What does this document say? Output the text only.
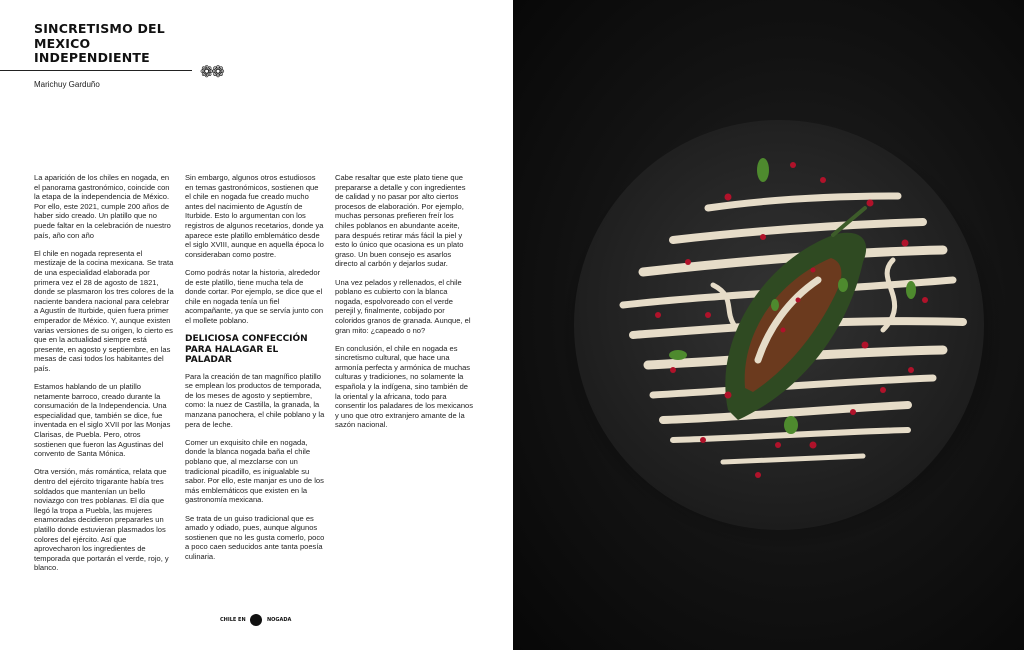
SINCRETISMO DEL MEXICO INDEPENDIENTE
❁❁
Marichuy Garduño

La aparición de los chiles en nogada, en el panorama gastronómico, coincide con la etapa de la independencia de México. Por ello, este 2021, cumple 200 años de haber sido creado. Un platillo que no puede faltar en la celebración de nuestro país, año con año

El chile en nogada representa el mestizaje de la cocina mexicana. Se trata de una especialidad elaborada por primera vez el 28 de agosto de 1821, donde se plasmaron los tres colores de la naciente bandera nacional para celebrar a Agustín de Iturbide, quien fuera primer emperador de México. Y, aunque existen varias versiones de su origen, lo cierto es que en la actualidad siempre está presente, en agosto y septiembre, en las mesas de casi todos los habitantes del país.

Estamos hablando de un platillo netamente barroco, creado durante la consumación de la Independencia. Una especialidad que, también se dice, fue inventada en el siglo XVII por las Monjas Clarisas, de Puebla. Pero, otros sostienen que fueron las Agustinas del convento de Santa Mónica.

Otra versión, más romántica, relata que dentro del ejército trigarante había tres soldados que mantenían un bello noviazgo con tres poblanas. El día que llegó la tropa a Puebla, las mujeres enamoradas decidieron prepararles un platillo donde estuvieran plasmados los colores del ejército. Así que aprovecharon los ingredientes de temporada que portarán el verde, rojo, y blanco.

Sin embargo, algunos otros estudiosos en temas gastronómicos, sostienen que el chile en nogada fue creado mucho antes del nacimiento de Agustín de Iturbide. Esto lo argumentan con los registros de algunos recetarios, donde ya aparece este platillo emblemático desde el siglo XVIII, aunque en aquella época lo consideraban como postre.

Como podrás notar la historia, alrededor de este platillo, tiene mucha tela de donde cortar. Por ejemplo, se dice que el chile en nogada tenía un fiel acompañante, ya que se servía junto con el mollete poblano.

DELICIOSA CONFECCIÓN PARA HALAGAR EL PALADAR

Para la creación de tan magnífico platillo se emplean los productos de temporada, de los meses de agosto y septiembre, como: la nuez de Castilla, la granada, la manzana panochera, el chile poblano y la pera de leche.

Comer un exquisito chile en nogada, donde la blanca nogada baña el chile poblano que, al mezclarse con un tradicional picadillo, es inigualable su sabor. Por ello, este manjar es uno de los más emblemáticos que existen en la gastronomía mexicana.

Se trata de un guiso tradicional que es amado y odiado, pues, aunque algunos sostienen que no les gusta comerlo, poco a poco caen seducidos ante tanta poesía culinaria.

Cabe resaltar que este plato tiene que prepararse a detalle y con ingredientes de calidad y no pasar por alto ciertos procesos de elaboración. Por ejemplo, muchas personas prefieren freír los chiles poblanos en abundante aceite, para después retirar más fácil la piel y esto lo único que ocasiona es un plato graso. Un buen consejo es asarlos directo al carbón y dejarlos sudar.

Una vez pelados y rellenados, el chile poblano es cubierto con la blanca nogada, espolvoreado con el verde perejil y, finalmente, cobijado por coloridos granos de granada. Aunque, el gran mito: ¿capeado o no?

En conclusión, el chile en nogada es sincretismo cultural, que hace una armonía perfecta y armónica de muchas culturas y tradiciones, no solamente la española y la indígena, sino también de la oriental y la africana, todo para consentir los paladares de los mexicanos y uno que otro extranjero amante de la sazón nacional.

CHILE EN	NOGADA
